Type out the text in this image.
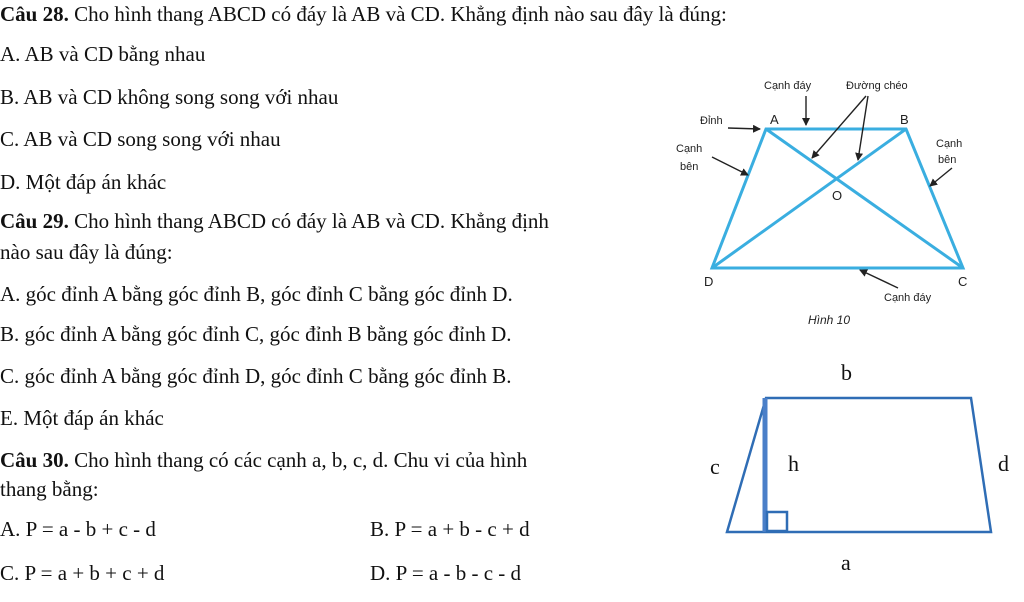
Câu 28. Cho hình thang ABCD có đáy là AB và CD. Khẳng định nào sau đây là đúng:
A. AB và CD bằng nhau
B. AB và CD không song song với nhau
C. AB và CD song song với nhau
D. Một đáp án khác
Câu 29. Cho hình thang ABCD có đáy là AB và CD. Khẳng định
nào sau đây là đúng:
A. góc đỉnh A bằng góc đỉnh B, góc đỉnh C bằng góc đỉnh D.
B. góc đỉnh A bằng góc đỉnh C, góc đỉnh B bằng góc đỉnh D.
C. góc đỉnh A bằng góc đỉnh D, góc đỉnh C bằng góc đỉnh B.
E. Một đáp án khác
Câu 30. Cho hình thang có các cạnh a, b, c, d. Chu vi của hình
thang bằng:
A. P = a - b + c - d	B. P = a + b - c + d
C. P = a + b + c + d	D. P = a - b - c - d
Cạnh đáy	Đường chéo
Đỉnh
Cạnh
bên
Cạnh
bên
Cạnh đáy
A	B
C
D
O
Hình 10
b
c	h	d
a
